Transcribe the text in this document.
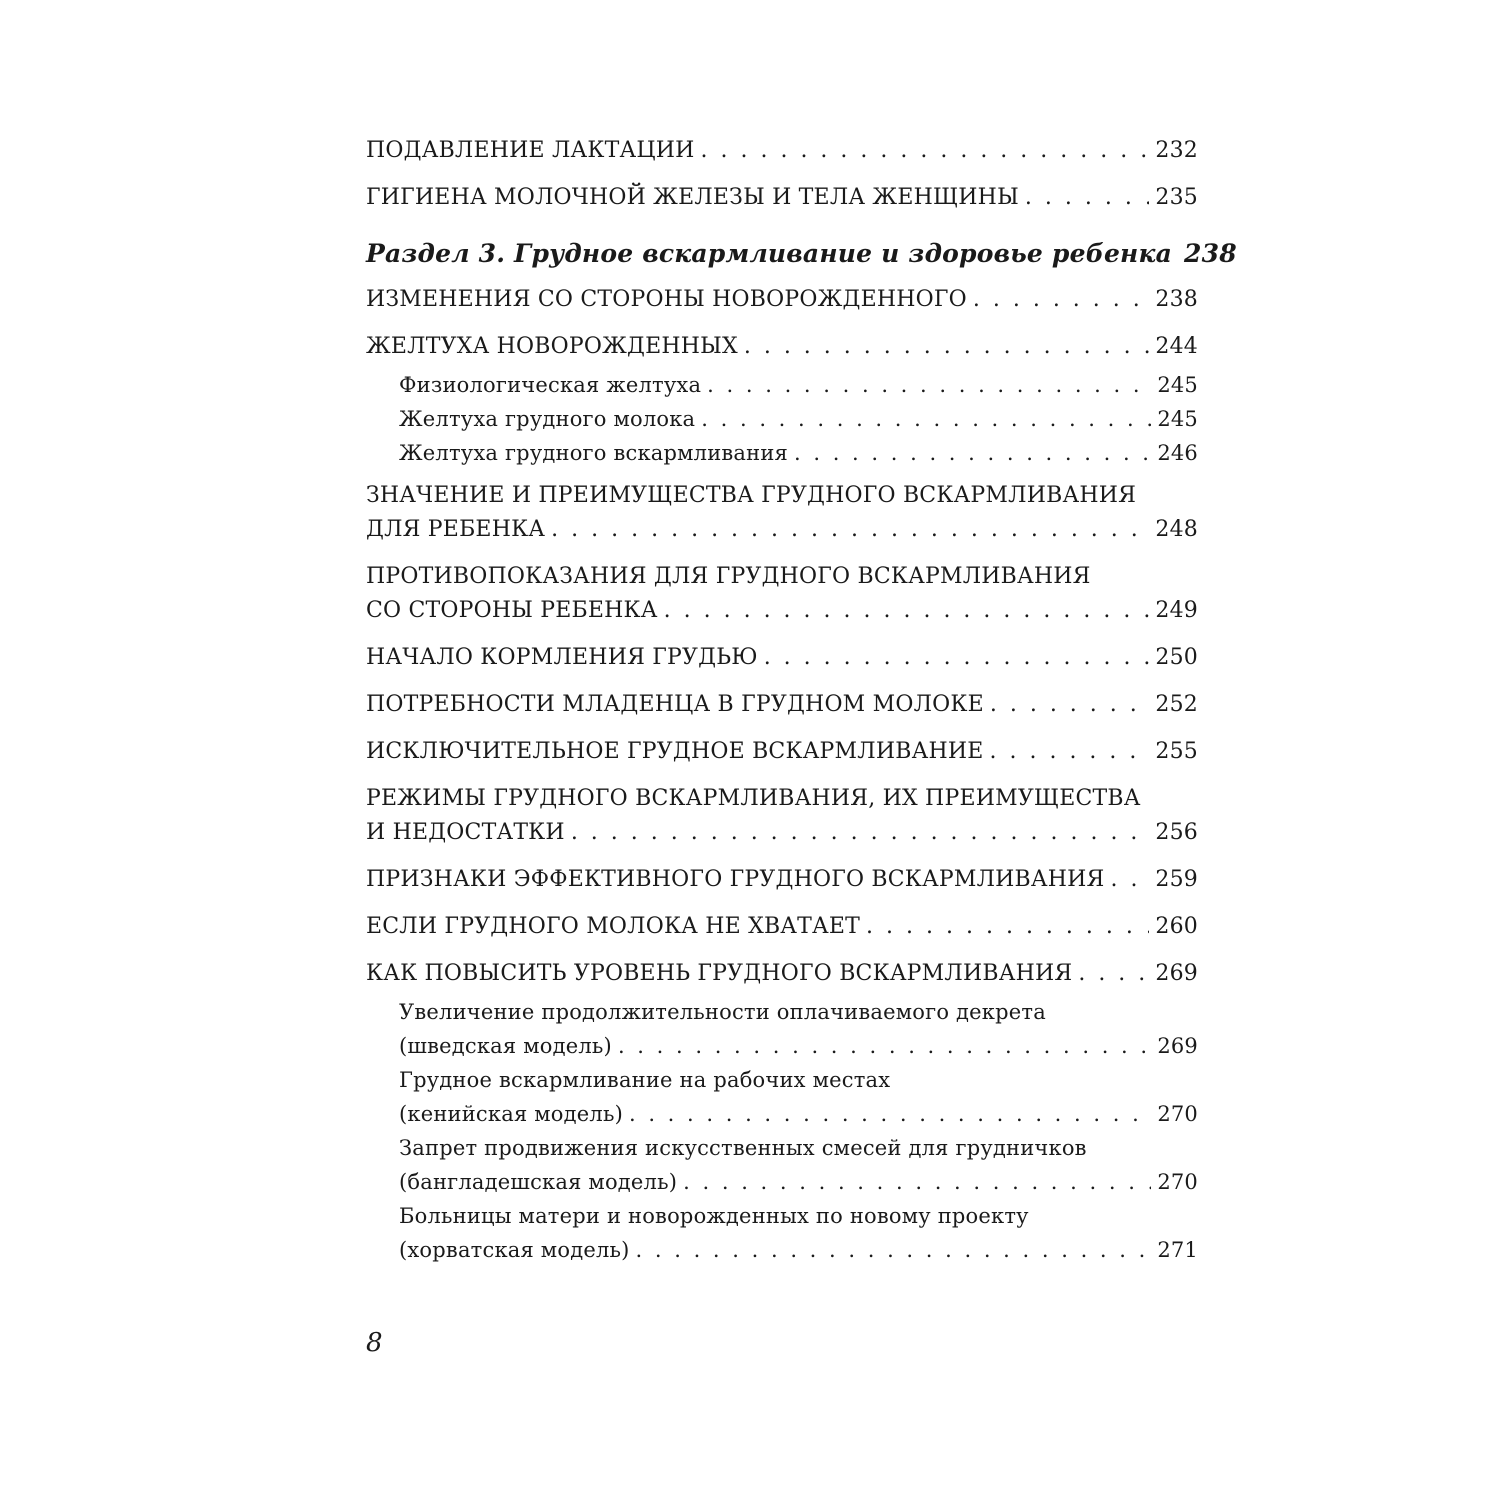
ПОДАВЛЕНИЕ ЛАКТАЦИИ . . .	232
ГИГИЕНА МОЛОЧНОЙ ЖЕЛЕЗЫ И ТЕЛА ЖЕНЩИНЫ . . .	235
Раздел 3. Грудное вскармливание и здоровье ребенка 238
ИЗМЕНЕНИЯ СО СТОРОНЫ НОВОРОЖДЕННОГО . . .	238
ЖЕЛТУХА НОВОРОЖДЕННЫХ . . .	244
Физиологическая желтуха . . .	245
Желтуха грудного молока . . .	245
Желтуха грудного вскармливания . . .	246
ЗНАЧЕНИЕ И ПРЕИМУЩЕСТВА ГРУДНОГО ВСКАРМЛИВАНИЯ
ДЛЯ РЕБЕНКА . . .	248
ПРОТИВОПОКАЗАНИЯ ДЛЯ ГРУДНОГО ВСКАРМЛИВАНИЯ
СО СТОРОНЫ РЕБЕНКА . . .	249
НАЧАЛО КОРМЛЕНИЯ ГРУДЬЮ . . .	250
ПОТРЕБНОСТИ МЛАДЕНЦА В ГРУДНОМ МОЛОКЕ . . .	252
ИСКЛЮЧИТЕЛЬНОЕ ГРУДНОЕ ВСКАРМЛИВАНИЕ . . .	255
РЕЖИМЫ ГРУДНОГО ВСКАРМЛИВАНИЯ, ИХ ПРЕИМУЩЕСТВА
И НЕДОСТАТКИ . . .	256
ПРИЗНАКИ ЭФФЕКТИВНОГО ГРУДНОГО ВСКАРМЛИВАНИЯ . . . 259
ЕСЛИ ГРУДНОГО МОЛОКА НЕ ХВАТАЕТ . . .	260
КАК ПОВЫСИТЬ УРОВЕНЬ ГРУДНОГО ВСКАРМЛИВАНИЯ . . .	269
Увеличение продолжительности оплачиваемого декрета
(шведская модель) . . .	269
Грудное вскармливание на рабочих местах
(кенийская модель) . . .	270
Запрет продвижения искусственных смесей для грудничков
(бангладешская модель) . . .	270
Больницы матери и новорожденных по новому проекту
(хорватская модель) . . .	271
8
